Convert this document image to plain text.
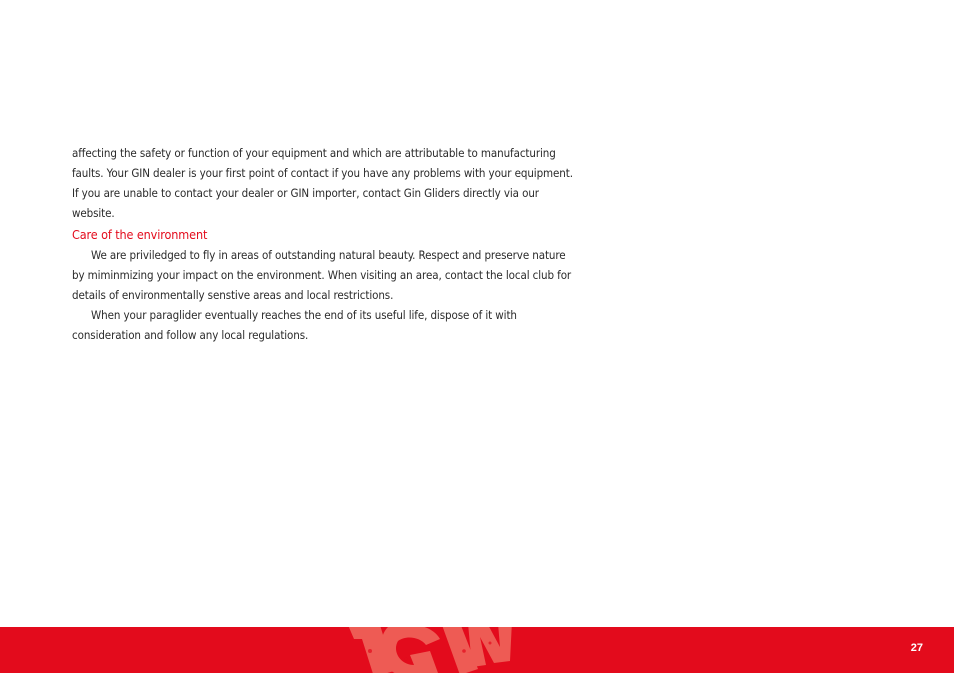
affecting the safety or function of your equipment and which are attributable to manufacturing
faults. Your GIN dealer is your first point of contact if you have any problems with your equipment.
If you are unable to contact your dealer or GIN importer, contact Gin Gliders directly via our
website.

Care of the environment

We are priviledged to fly in areas of outstanding natural beauty. Respect and preserve nature
by miminmizing your impact on the environment. When visiting an area, contact the local club for
details of environmentally senstive areas and local restrictions.

When your paraglider eventually reaches the end of its useful life, dispose of it with
consideration and follow any local regulations.

27
